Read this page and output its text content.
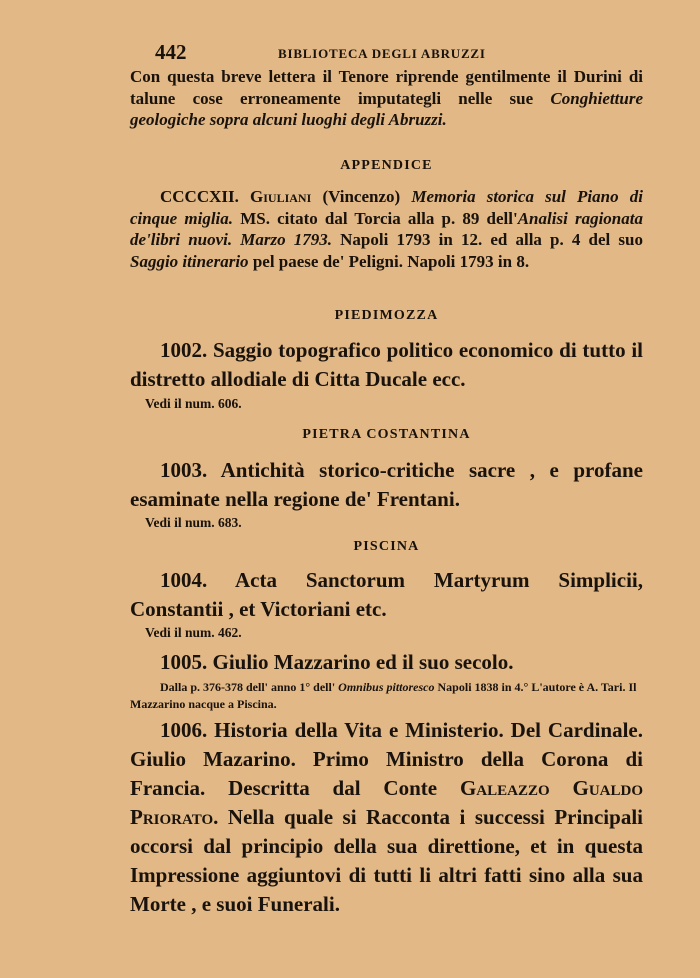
442	BIBLIOTECA DEGLI ABRUZZI

Con questa breve lettera il Tenore riprende gentilmente il Durini di talune cose erroneamente imputategli nelle sue Conghietture geologiche sopra alcuni luoghi degli Abruzzi.

APPENDICE

CCCCXII. Giuliani (Vincenzo) Memoria storica sul Piano di cinque miglia. MS. citato dal Torcia alla p. 89 dell'Analisi ragionata de'libri nuovi. Marzo 1793. Napoli 1793 in 12. ed alla p. 4 del suo Saggio itinerario pel paese de' Peligni. Napoli 1793 in 8.

PIEDIMOZZA

1002. Saggio topografico politico economico di tutto il distretto allodiale di Citta Ducale ecc.

Vedi il num. 606.

PIETRA COSTANTINA

1003. Antichità storico-critiche sacre , e profane esaminate nella regione de' Frentani.

Vedi il num. 683.

PISCINA

1004. Acta Sanctorum Martyrum Simplicii, Constantii , et Victoriani etc.

Vedi il num. 462.

1005. Giulio Mazzarino ed il suo secolo.

Dalla p. 376-378 dell' anno 1° dell' Omnibus pittoresco Napoli 1838 in 4.° L'autore è A. Tari. Il Mazzarino nacque a Piscina.

1006. Historia della Vita e Ministerio. Del Cardinale. Giulio Mazarino. Primo Ministro della Corona di Francia. Descritta dal Conte Galeazzo Gualdo Priorato. Nella quale si Racconta i successi Principali occorsi dal principio della sua direttione, et in questa Impressione aggiuntovi di tutti li altri fatti sino alla sua Morte , e suoi Funerali.
